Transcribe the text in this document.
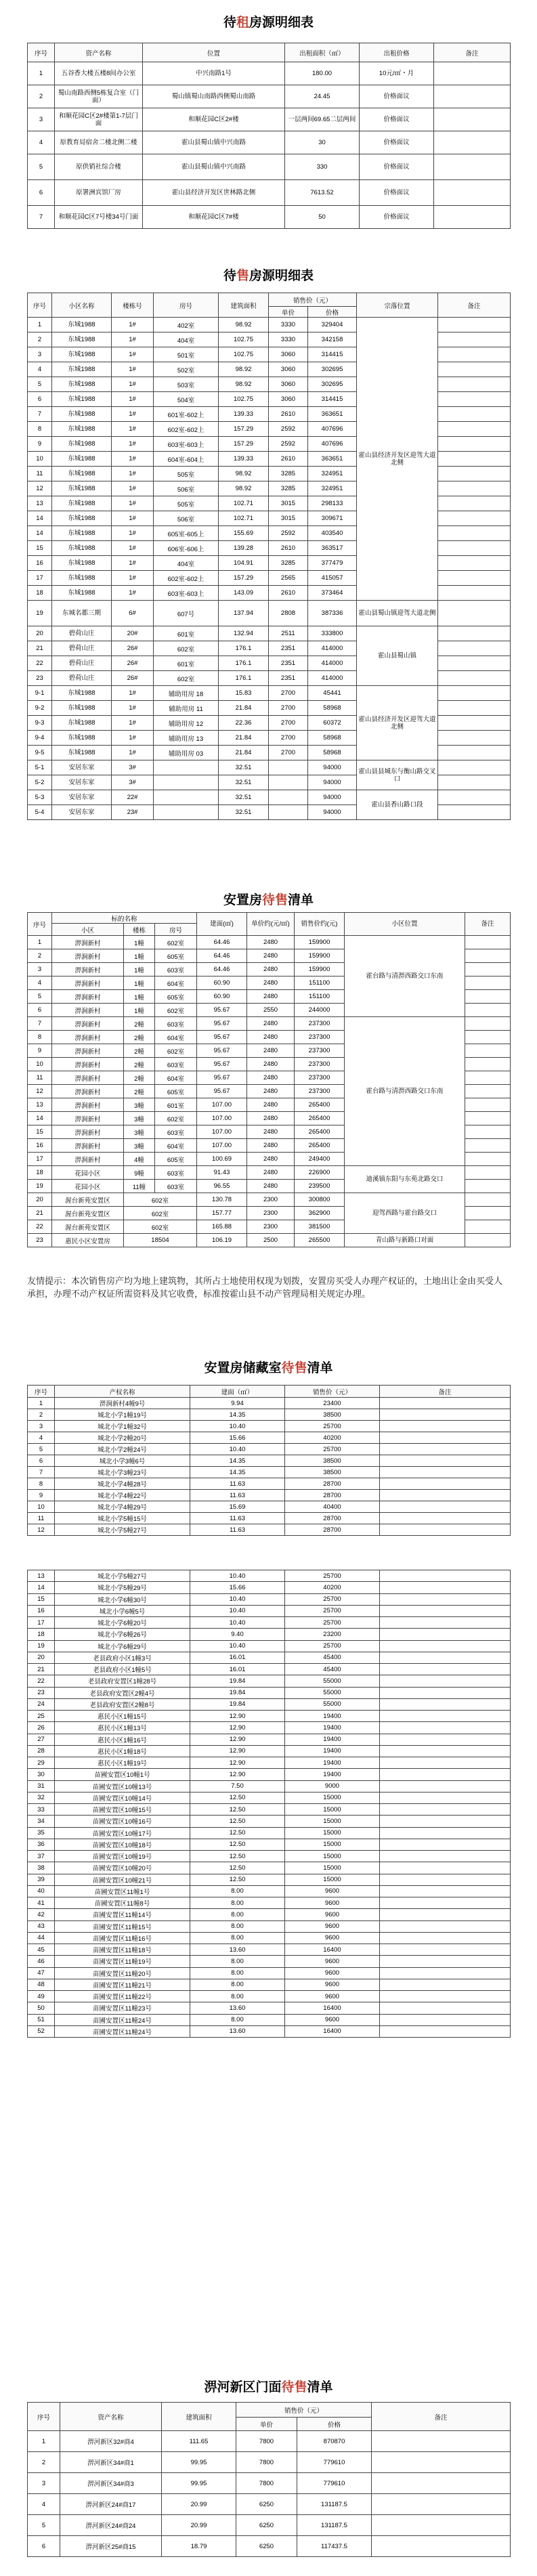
待租房源明细表
序号	资产名称	位置	出租面积（㎡）	出租价格	备注
1	五谷香大楼五楼8间办公室	中兴南路1号	180.00	10元/㎡・月	
2	蜀山南路西侧5栋复合室（门面）	蜀山镇蜀山南路西侧蜀山南路	24.45	价格面议	
3	和顺花园C区2#楼第1-7层门面	和顺花园C区2#楼	一层两间69.65二层两间	价格面议	
4	原教育局宿舍二楼北侧二楼	霍山县蜀山镇中兴南路	30	价格面议	
5	原供销社综合楼	霍山县蜀山镇中兴南路	330	价格面议	
6	原署洲宾馆厂房	霍山县经济开发区世林路北侧	7613.52	价格面议	
7	和顺花园C区7号楼34号门面	和顺花园C区7#楼	50	价格面议	
待售房源明细表
序号	小区名称	楼栋号	房号	建筑面积	销售价（元）		宗落位置	备注
					单价	价格		
1	东城1988	1#	402室	98.92	3330	329404	霍山县经济开发区迎驾大道北侧	
2	东城1988	1#	404室	102.75	3330	342158		
3	东城1988	1#	501室	102.75	3060	314415		
4	东城1988	1#	502室	98.92	3060	302695		
5	东城1988	1#	503室	98.92	3060	302695		
6	东城1988	1#	504室	102.75	3060	314415		
7	东城1988	1#	601室-602上	139.33	2610	363651		
8	东城1988	1#	602室-602上	157.29	2592	407696		
9	东城1988	1#	603室-603上	157.29	2592	407696		
10	东城1988	1#	604室-604上	139.33	2610	363651		
11	东城1988	1#	505室	98.92	3285	324951		
12	东城1988	1#	506室	98.92	3285	324951		
13	东城1988	1#	505室	102.71	3015	298133		
14	东城1988	1#	506室	102.71	3015	309671		
14	东城1988	1#	605室-605上	155.69	2592	403540		
15	东城1988	1#	606室-606上	139.28	2610	363517		
16	东城1988	1#	404室	104.91	3285	377479		
17	东城1988	1#	602室-602上	157.29	2565	415057		
18	东城1988	1#	603室-603上	143.09	2610	373464		
19	东城名都三期	6#	607号	137.94	2808	387336	霍山县蜀山镇迎驾大道北侧	
20	碧荷山庄	20#	601室	132.94	2511	333800	霍山县蜀山镇	
21	碧荷山庄	26#	602室	176.1	2351	414000		
22	碧荷山庄	26#	601室	176.1	2351	414000		
23	碧荷山庄	26#	602室	176.1	2351	414000		
9-1	东城1988	1#	辅助用房 18	15.83	2700	45441	霍山县经济开发区迎驾大道北侧	
9-2	东城1988	1#	辅助用房 11	21.84	2700	58968		
9-3	东城1988	1#	辅助用房 12	22.36	2700	60372		
9-4	东城1988	1#	辅助用房 13	21.84	2700	58968		
9-5	东城1988	1#	辅助用房 03	21.84	2700	58968		
5-1	安居东家	3#		32.51		94000	霍山县县城东与衡山路交叉口	
5-2	安居东家	3#		32.51		94000		
5-3	安居东家	22#		32.51		94000	霍山县香山路口段	
5-4	安居东家	23#		32.51		94000		
安置房待售清单
序号	标的名称			建面(㎡)	单价约(元/㎡)	销售价约(元)	小区位置	备注
	小区	楼栋	房号					
1	淠涧新村	1幢	602室	64.46	2480	159900	霍台路与清淠西路交口东南	
2	淠涧新村	1幢	605室	64.46	2480	159900		
3	淠涧新村	1幢	603室	64.46	2480	159900		
4	淠涧新村	1幢	604室	60.90	2480	151100		
5	淠涧新村	1幢	605室	60.90	2480	151100		
6	淠涧新村	1幢	602室	95.67	2550	244000		
7	淠涧新村	2幢	603室	95.67	2480	237300	霍台路与清淠西路交口东南	
8	淠涧新村	2幢	604室	95.67	2480	237300		
9	淠涧新村	2幢	602室	95.67	2480	237300		
10	淠涧新村	2幢	603室	95.67	2480	237300		
11	淠涧新村	2幢	604室	95.67	2480	237300		
12	淠涧新村	2幢	605室	95.67	2480	237300		
13	淠涧新村	3幢	601室	107.00	2480	265400		
14	淠涧新村	3幢	602室	107.00	2480	265400		
15	淠涧新村	3幢	603室	107.00	2480	265400		
16	淠涧新村	3幢	604室	107.00	2480	265400		
17	淠涧新村	4幢	605室	100.69	2480	249400		
18	花园小区	9幢	603室	91.43	2480	226900	迪溪镇东阳与东苑北路交口	
19	花园小区	11幢	603室	96.55	2480	239500		
20	渥台新苑安置区	602室		130.78	2300	300800	迎驾西路与霍台路交口	
21	渥台新苑安置区	602室		157.77	2300	362900		
22	渥台新苑安置区	602室		165.88	2300	381500		
23	惠民小区安置房	18504		106.19	2500	265500	青山路与新路口对面	
友情提示：本次销售房产均为地上建筑物，其所占土地使用权现为划拨，安置房买受人办理产权证的，土地出让金由买受人承担，办理不动产权证所需资料及其它收费，标准按霍山县不动产管理局相关规定办理。
安置房储藏室待售清单
序号	产权名称	建面（㎡）	销售价（元）	备注
1	淠涧新村4幢9号	9.94	23400	
2	城北小学1幢19号	14.35	38500	
3	城北小学1幢32号	10.40	25700	
4	城北小学2幢20号	15.66	40200	
5	城北小学2幢24号	10.40	25700	
6	城北小学3幢6号	14.35	38500	
7	城北小学3幢23号	14.35	38500	
8	城北小学4幢28号	11.63	28700	
9	城北小学4幢22号	11.63	28700	
10	城北小学4幢29号	15.69	40400	
11	城北小学5幢15号	11.63	28700	
12	城北小学5幢27号	11.63	28700	
13	城北小学5幢27号	10.40	25700	
14	城北小学5幢29号	15.66	40200	
15	城北小学6幢30号	10.40	25700	
16	城北小学6幢5号	10.40	25700	
17	城北小学6幢20号	10.40	25700	
18	城北小学6幢26号	9.40	23200	
19	城北小学6幢29号	10.40	25700	
20	老县政府小区1幢3号	16.01	45400	
21	老县政府小区1幢5号	16.01	45400	
22	老县政府安置区1幢28号	19.84	55000	
23	老县政府安置区2幢4号	19.84	55000	
24	老县政府安置区2幢8号	19.84	55000	
25	惠民小区1幢15号	12.90	19400	
26	惠民小区1幢13号	12.90	19400	
27	惠民小区1幢16号	12.90	19400	
28	惠民小区1幢18号	12.90	19400	
29	惠民小区1幢19号	12.90	19400	
30	苗圃安置区10幢1号	12.90	19400	
31	苗圃安置区10幢13号	7.50	9000	
32	苗圃安置区10幢14号	12.50	15000	
33	苗圃安置区10幢15号	12.50	15000	
34	苗圃安置区10幢16号	12.50	15000	
35	苗圃安置区10幢17号	12.50	15000	
36	苗圃安置区10幢18号	12.50	15000	
37	苗圃安置区10幢19号	12.50	15000	
38	苗圃安置区10幢20号	12.50	15000	
39	苗圃安置区10幢21号	12.50	15000	
40	苗圃安置区11幢1号	8.00	9600	
41	苗圃安置区11幢8号	8.00	9600	
42	苗圃安置区11幢14号	8.00	9600	
43	苗圃安置区11幢15号	8.00	9600	
44	苗圃安置区11幢16号	8.00	9600	
45	苗圃安置区11幢18号	13.60	16400	
46	苗圃安置区11幢19号	8.00	9600	
47	苗圃安置区11幢20号	8.00	9600	
48	苗圃安置区11幢21号	8.00	9600	
49	苗圃安置区11幢22号	8.00	9600	
50	苗圃安置区11幢23号	13.60	16400	
51	苗圃安置区11幢24号	8.00	9600	
52	苗圃安置区11幢24号	13.60	16400	
淠河新区门面待售清单
序号	资产名称	建筑面积	销售价（元）		备注
			单价	价格	
1	淠河新区32#商4	111.65	7800	870870	
2	淠河新区34#商1	99.95	7800	779610	
3	淠河新区34#商3	99.95	7800	779610	
4	淠河新区24#商17	20.99	6250	131187.5	
5	淠河新区24#商24	20.99	6250	131187.5	
6	淠河新区25#商15	18.79	6250	117437.5	
